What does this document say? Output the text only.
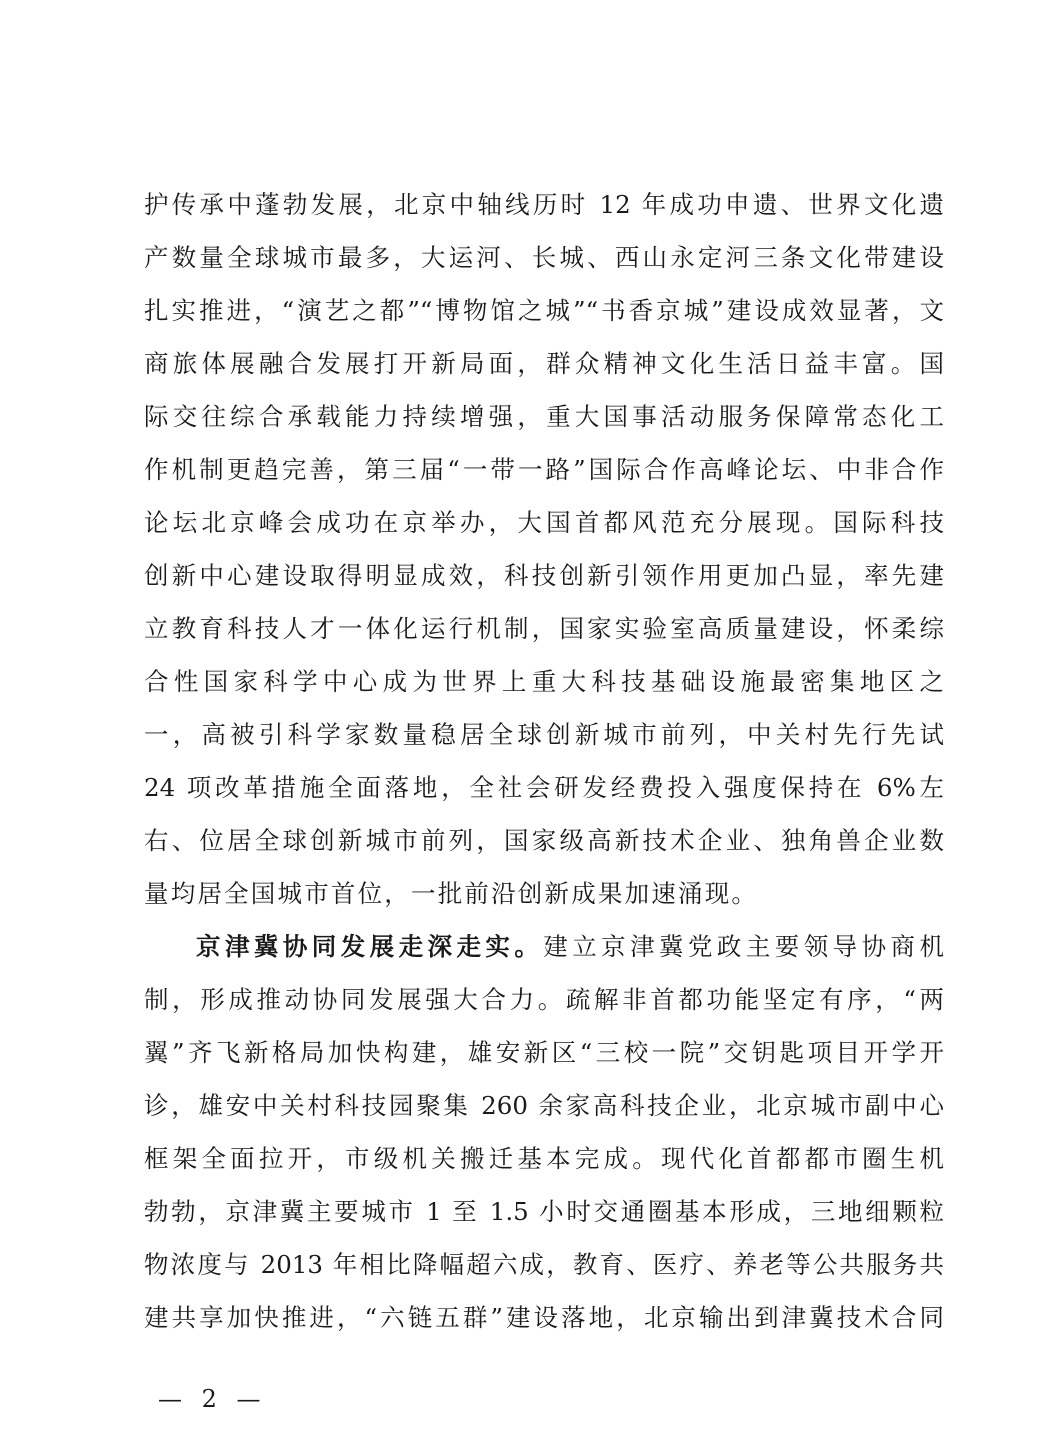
护传承中蓬勃发展，北京中轴线历时 12 年成功申遗、世界文化遗
产数量全球城市最多，大运河、长城、西山永定河三条文化带建设
扎实推进，“演艺之都”“博物馆之城”“书香京城”建设成效显著，文
商旅体展融合发展打开新局面，群众精神文化生活日益丰富。国
际交往综合承载能力持续增强，重大国事活动服务保障常态化工
作机制更趋完善，第三届“一带一路”国际合作高峰论坛、中非合作
论坛北京峰会成功在京举办，大国首都风范充分展现。国际科技
创新中心建设取得明显成效，科技创新引领作用更加凸显，率先建
立教育科技人才一体化运行机制，国家实验室高质量建设，怀柔综
合性国家科学中心成为世界上重大科技基础设施最密集地区之
一，高被引科学家数量稳居全球创新城市前列，中关村先行先试
24 项改革措施全面落地，全社会研发经费投入强度保持在 6%左
右、位居全球创新城市前列，国家级高新技术企业、独角兽企业数
量均居全国城市首位，一批前沿创新成果加速涌现。
京津冀协同发展走深走实。建立京津冀党政主要领导协商机
制，形成推动协同发展强大合力。疏解非首都功能坚定有序，“两
翼”齐飞新格局加快构建，雄安新区“三校一院”交钥匙项目开学开
诊，雄安中关村科技园聚集 260 余家高科技企业，北京城市副中心
框架全面拉开，市级机关搬迁基本完成。现代化首都都市圈生机
勃勃，京津冀主要城市 1 至 1.5 小时交通圈基本形成，三地细颗粒
物浓度与 2013 年相比降幅超六成，教育、医疗、养老等公共服务共
建共享加快推进，“六链五群”建设落地，北京输出到津冀技术合同
— 2 —
